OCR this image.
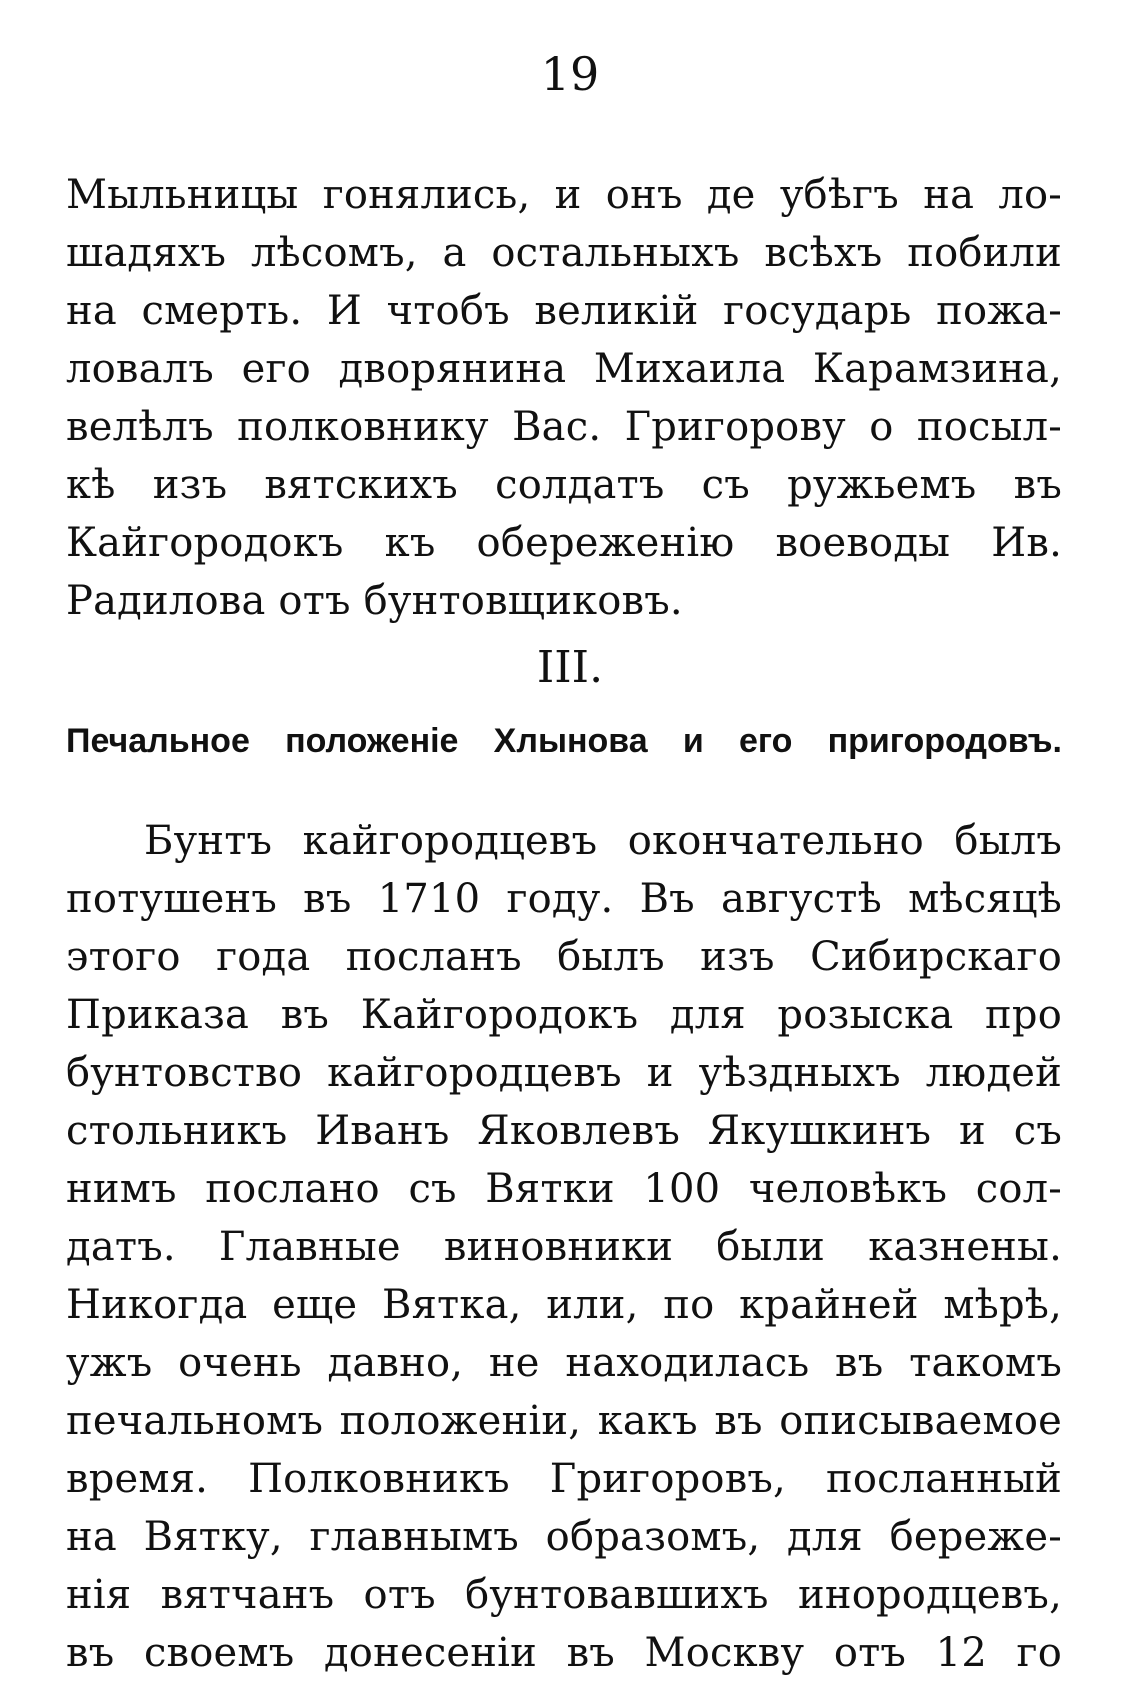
19
Мыльницы гонялись, и онъ де убѣгъ на ло-
шадяхъ лѣсомъ, а остальныхъ всѣхъ побили
на смерть. И чтобъ великій государь пожа-
ловалъ его дворянина Михаила Карамзина,
велѣлъ полковнику Вас. Григорову о посыл-
кѣ изъ вятскихъ солдатъ съ ружьемъ въ
Кайгородокъ къ обереженію воеводы Ив.
Радилова отъ бунтовщиковъ.
III.
Печальное положеніе Хлынова и его пригородовъ.
Бунтъ кайгородцевъ окончательно былъ
потушенъ въ 1710 году. Въ августѣ мѣсяцѣ
этого года посланъ былъ изъ Сибирскаго
Приказа въ Кайгородокъ для розыска про
бунтовство кайгородцевъ и уѣздныхъ людей
стольникъ Иванъ Яковлевъ Якушкинъ и съ
нимъ послано съ Вятки 100 человѣкъ сол-
датъ. Главные виновники были казнены.
Никогда еще Вятка, или, по крайней мѣрѣ,
ужъ очень давно, не находилась въ такомъ
печальномъ положеніи, какъ въ описываемое
время. Полковникъ Григоровъ, посланный
на Вятку, главнымъ образомъ, для береже-
нія вятчанъ отъ бунтовавшихъ инородцевъ,
въ своемъ донесеніи въ Москву отъ 12 го
